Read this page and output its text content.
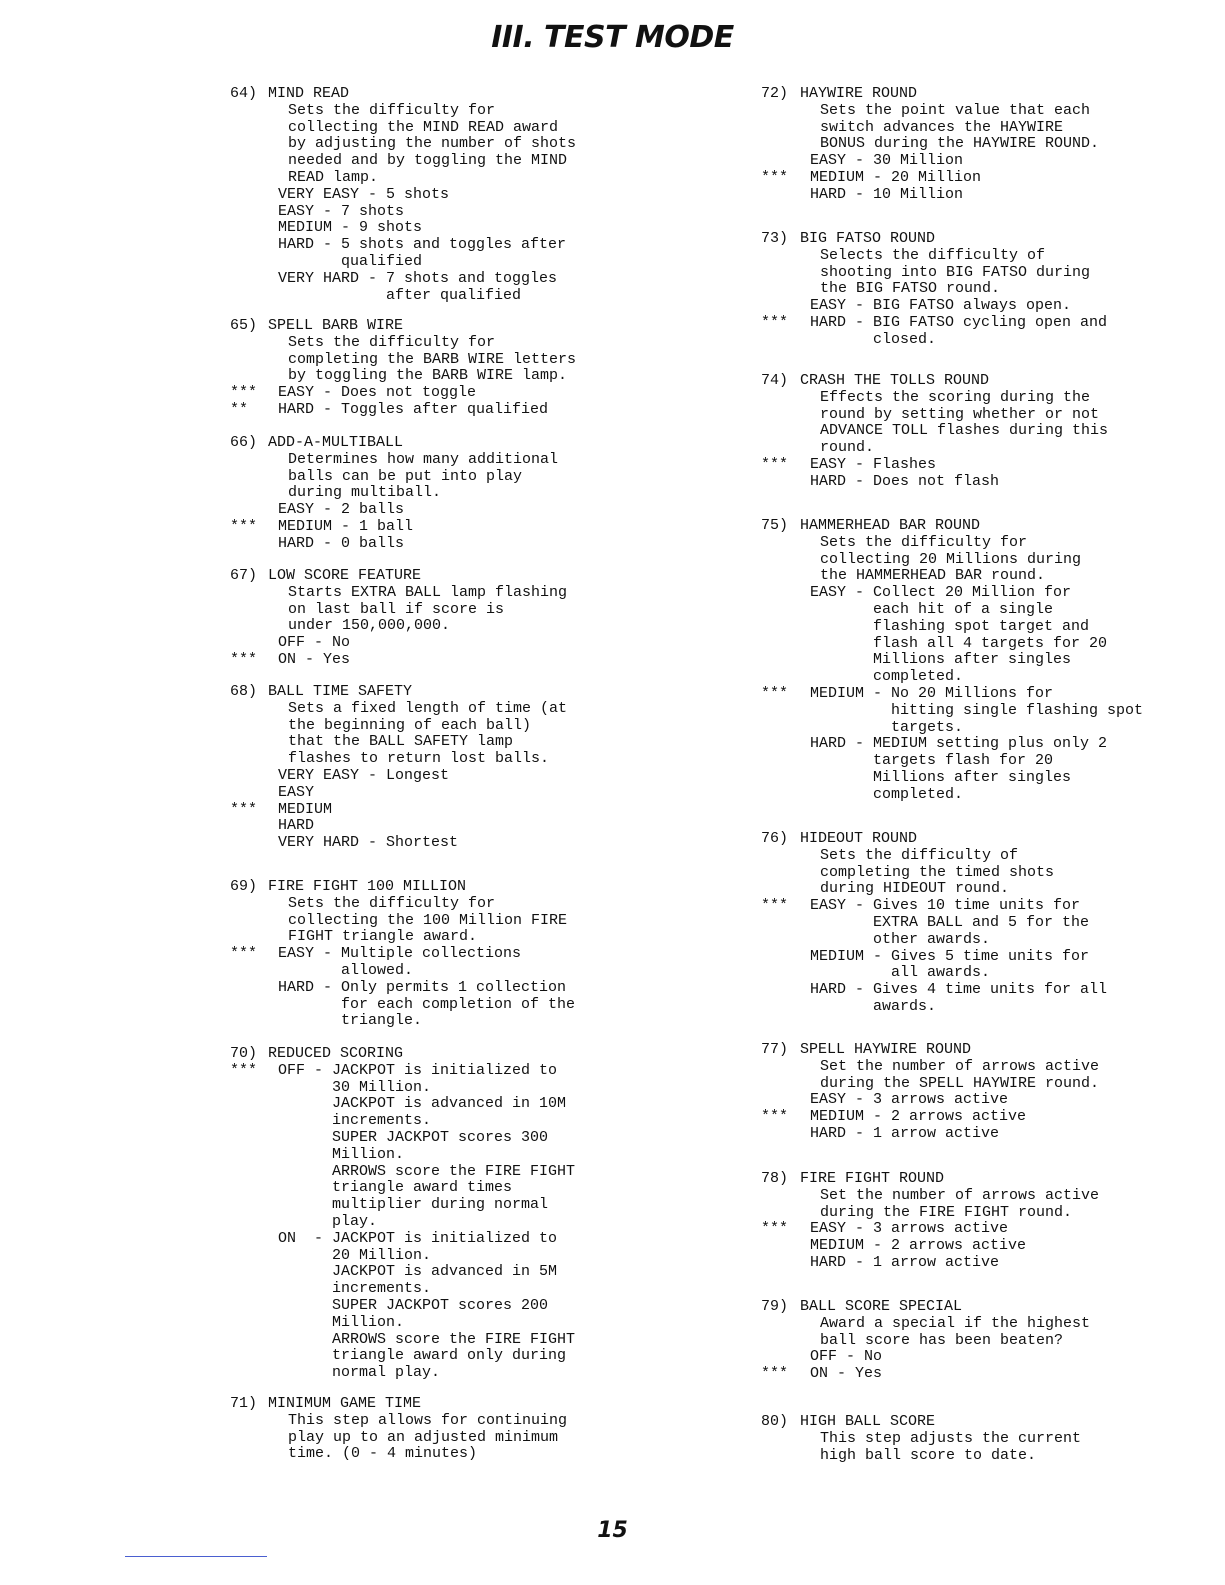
III. TEST MODE
64) MIND READ
Sets the difficulty for
collecting the MIND READ award
by adjusting the number of shots
needed and by toggling the MIND
READ lamp.
VERY EASY - 5 shots
EASY - 7 shots
MEDIUM - 9 shots
HARD - 5 shots and toggles after
qualified
VERY HARD - 7 shots and toggles
after qualified
65) SPELL BARB WIRE
Sets the difficulty for
completing the BARB WIRE letters
by toggling the BARB WIRE lamp.
*** EASY - Does not toggle
** HARD - Toggles after qualified
66) ADD-A-MULTIBALL
Determines how many additional
balls can be put into play
during multiball.
EASY - 2 balls
*** MEDIUM - 1 ball
HARD - 0 balls
67) LOW SCORE FEATURE
Starts EXTRA BALL lamp flashing
on last ball if score is
under 150,000,000.
OFF - No
*** ON - Yes
68) BALL TIME SAFETY
Sets a fixed length of time (at
the beginning of each ball)
that the BALL SAFETY lamp
flashes to return lost balls.
VERY EASY - Longest
EASY
*** MEDIUM
HARD
VERY HARD - Shortest
69) FIRE FIGHT 100 MILLION
Sets the difficulty for
collecting the 100 Million FIRE
FIGHT triangle award.
*** EASY - Multiple collections
allowed.
HARD - Only permits 1 collection
for each completion of the
triangle.
70) REDUCED SCORING
*** OFF - JACKPOT is initialized to
30 Million.
JACKPOT is advanced in 10M
increments.
SUPER JACKPOT scores 300
Million.
ARROWS score the FIRE FIGHT
triangle award times
multiplier during normal
play.
ON  - JACKPOT is initialized to
20 Million.
JACKPOT is advanced in 5M
increments.
SUPER JACKPOT scores 200
Million.
ARROWS score the FIRE FIGHT
triangle award only during
normal play.
71) MINIMUM GAME TIME
This step allows for continuing
play up to an adjusted minimum
time. (0 - 4 minutes)
72) HAYWIRE ROUND
Sets the point value that each
switch advances the HAYWIRE
BONUS during the HAYWIRE ROUND.
EASY - 30 Million
*** MEDIUM - 20 Million
HARD - 10 Million
73) BIG FATSO ROUND
Selects the difficulty of
shooting into BIG FATSO during
the BIG FATSO round.
EASY - BIG FATSO always open.
*** HARD - BIG FATSO cycling open and
closed.
74) CRASH THE TOLLS ROUND
Effects the scoring during the
round by setting whether or not
ADVANCE TOLL flashes during this
round.
*** EASY - Flashes
HARD - Does not flash
75) HAMMERHEAD BAR ROUND
Sets the difficulty for
collecting 20 Millions during
the HAMMERHEAD BAR round.
EASY - Collect 20 Million for
each hit of a single
flashing spot target and
flash all 4 targets for 20
Millions after singles
completed.
*** MEDIUM - No 20 Millions for
hitting single flashing spot
targets.
HARD - MEDIUM setting plus only 2
targets flash for 20
Millions after singles
completed.
76) HIDEOUT ROUND
Sets the difficulty of
completing the timed shots
during HIDEOUT round.
*** EASY - Gives 10 time units for
EXTRA BALL and 5 for the
other awards.
MEDIUM - Gives 5 time units for
all awards.
HARD - Gives 4 time units for all
awards.
77) SPELL HAYWIRE ROUND
Set the number of arrows active
during the SPELL HAYWIRE round.
EASY - 3 arrows active
*** MEDIUM - 2 arrows active
HARD - 1 arrow active
78) FIRE FIGHT ROUND
Set the number of arrows active
during the FIRE FIGHT round.
*** EASY - 3 arrows active
MEDIUM - 2 arrows active
HARD - 1 arrow active
79) BALL SCORE SPECIAL
Award a special if the highest
ball score has been beaten?
OFF - No
*** ON - Yes
80) HIGH BALL SCORE
This step adjusts the current
high ball score to date.
15
